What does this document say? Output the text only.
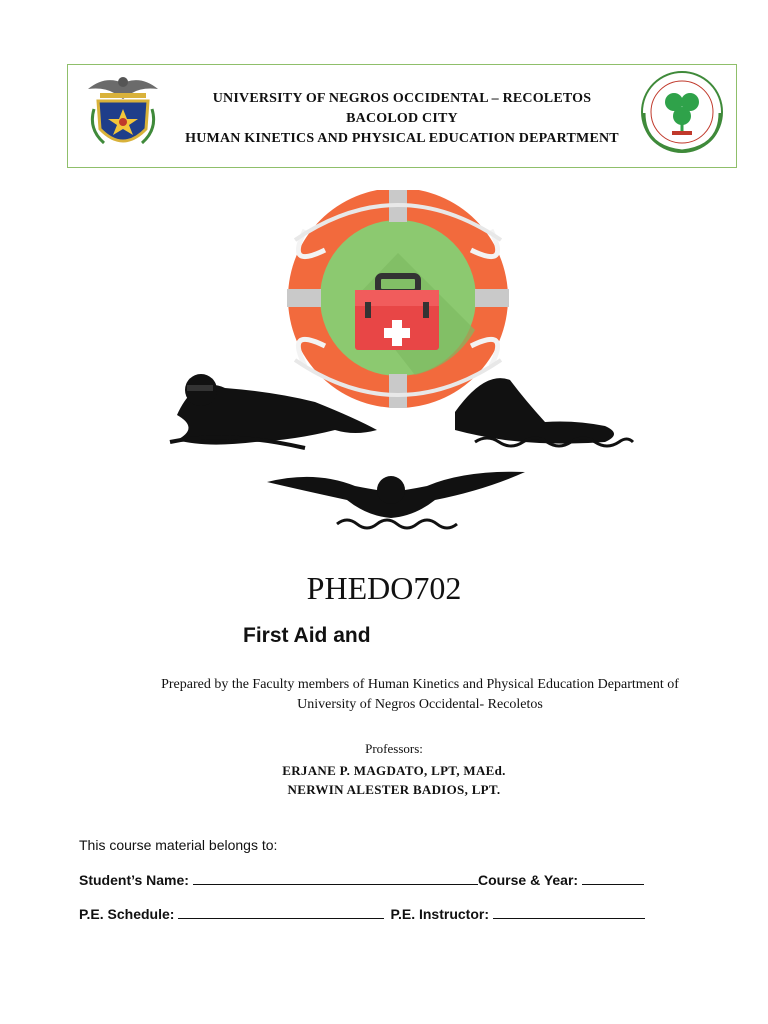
UNIVERSITY OF NEGROS OCCIDENTAL – RECOLETOS
BACOLOD CITY
HUMAN KINETICS AND PHYSICAL EDUCATION DEPARTMENT
PHEDO702
First Aid and
Prepared by the Faculty members of Human Kinetics and Physical Education Department of
University of Negros Occidental- Recoletos
Professors:
ERJANE P. MAGDATO, LPT, MAEd.
NERWIN ALESTER BADIOS, LPT.
This course material belongs to:
Student’s Name:	Course & Year:
P.E. Schedule:	P.E. Instructor:
